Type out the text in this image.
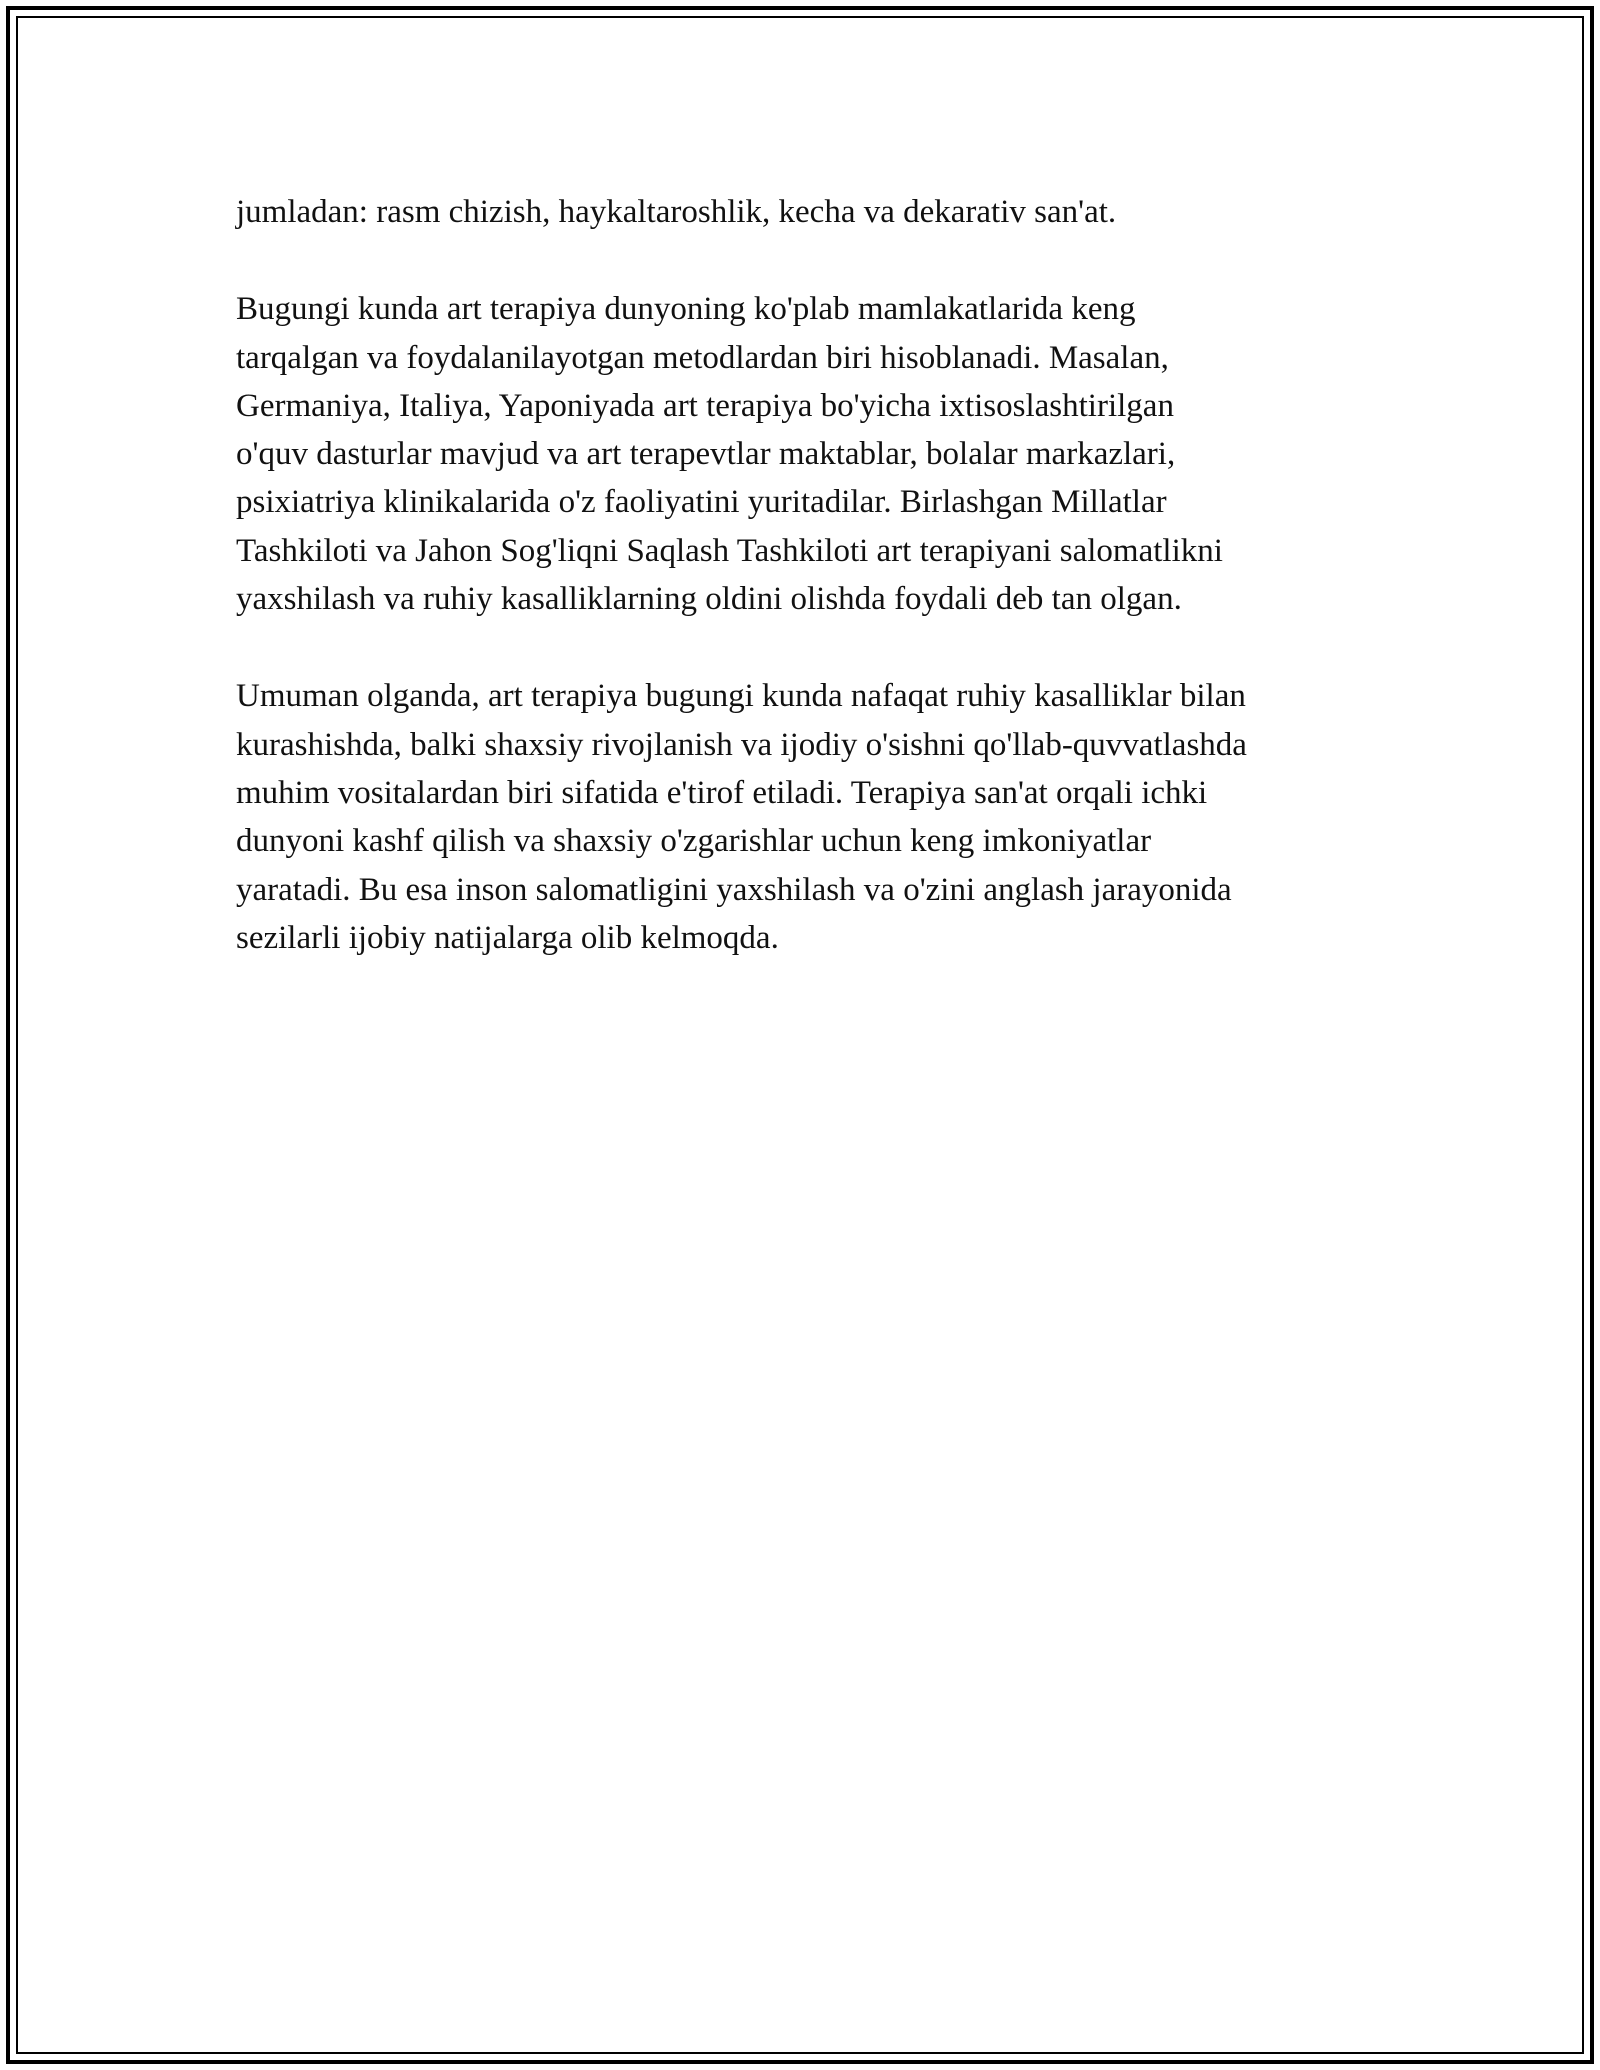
jumladan: rasm chizish, haykaltaroshlik, kecha va dekarativ san'at.

Bugungi kunda art terapiya dunyoning ko'plab mamlakatlarida keng
tarqalgan va foydalanilayotgan metodlardan biri hisoblanadi. Masalan,
Germaniya, Italiya, Yaponiyada art terapiya bo'yicha ixtisoslashtirilgan
o'quv dasturlar mavjud va art terapevtlar maktablar, bolalar markazlari,
psixiatriya klinikalarida o'z faoliyatini yuritadilar. Birlashgan Millatlar
Tashkiloti va Jahon Sog'liqni Saqlash Tashkiloti art terapiyani salomatlikni
yaxshilash va ruhiy kasalliklarning oldini olishda foydali deb tan olgan.

Umuman olganda, art terapiya bugungi kunda nafaqat ruhiy kasalliklar bilan
kurashishda, balki shaxsiy rivojlanish va ijodiy o'sishni qo'llab-quvvatlashda
muhim vositalardan biri sifatida e'tirof etiladi. Terapiya san'at orqali ichki
dunyoni kashf qilish va shaxsiy o'zgarishlar uchun keng imkoniyatlar
yaratadi. Bu esa inson salomatligini yaxshilash va o'zini anglash jarayonida
sezilarli ijobiy natijalarga olib kelmoqda.
